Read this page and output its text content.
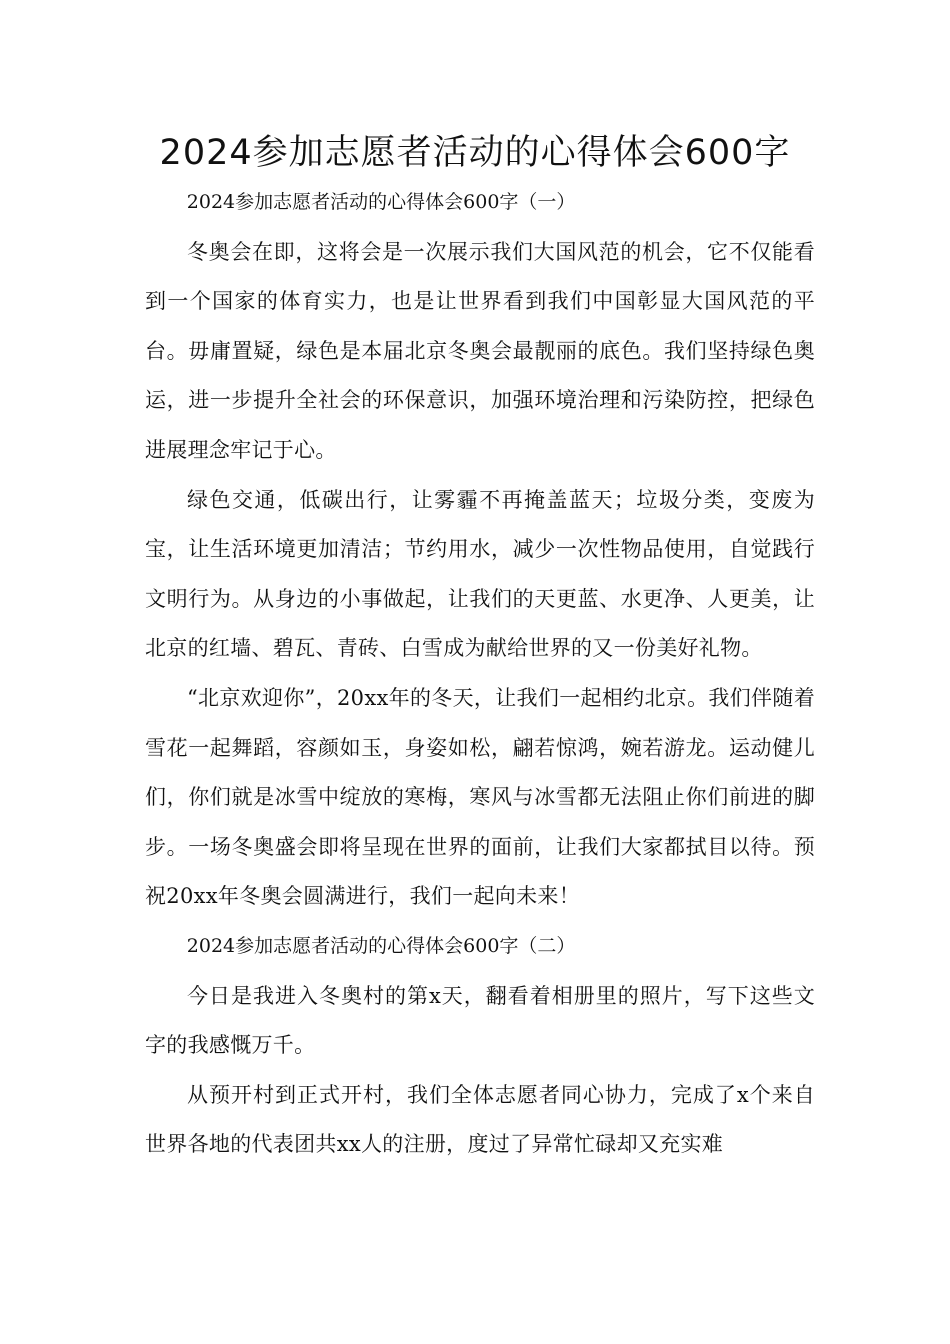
2024参加志愿者活动的心得体会600字

2024参加志愿者活动的心得体会600字（一）

冬奥会在即，这将会是一次展示我们大国风范的机会，它不仅能看到一个国家的体育实力，也是让世界看到我们中国彰显大国风范的平台。毋庸置疑，绿色是本届北京冬奥会最靓丽的底色。我们坚持绿色奥运，进一步提升全社会的环保意识，加强环境治理和污染防控，把绿色进展理念牢记于心。

绿色交通，低碳出行，让雾霾不再掩盖蓝天；垃圾分类，变废为宝，让生活环境更加清洁；节约用水，减少一次性物品使用，自觉践行文明行为。从身边的小事做起，让我们的天更蓝、水更净、人更美，让北京的红墙、碧瓦、青砖、白雪成为献给世界的又一份美好礼物。

“北京欢迎你”，20xx年的冬天，让我们一起相约北京。我们伴随着雪花一起舞蹈，容颜如玉，身姿如松，翩若惊鸿，婉若游龙。运动健儿们，你们就是冰雪中绽放的寒梅，寒风与冰雪都无法阻止你们前进的脚步。一场冬奥盛会即将呈现在世界的面前，让我们大家都拭目以待。预祝20xx年冬奥会圆满进行，我们一起向未来！

2024参加志愿者活动的心得体会600字（二）

今日是我进入冬奥村的第x天，翻看着相册里的照片，写下这些文字的我感慨万千。

从预开村到正式开村，我们全体志愿者同心协力，完成了x个来自世界各地的代表团共xx人的注册，度过了异常忙碌却又充实难
